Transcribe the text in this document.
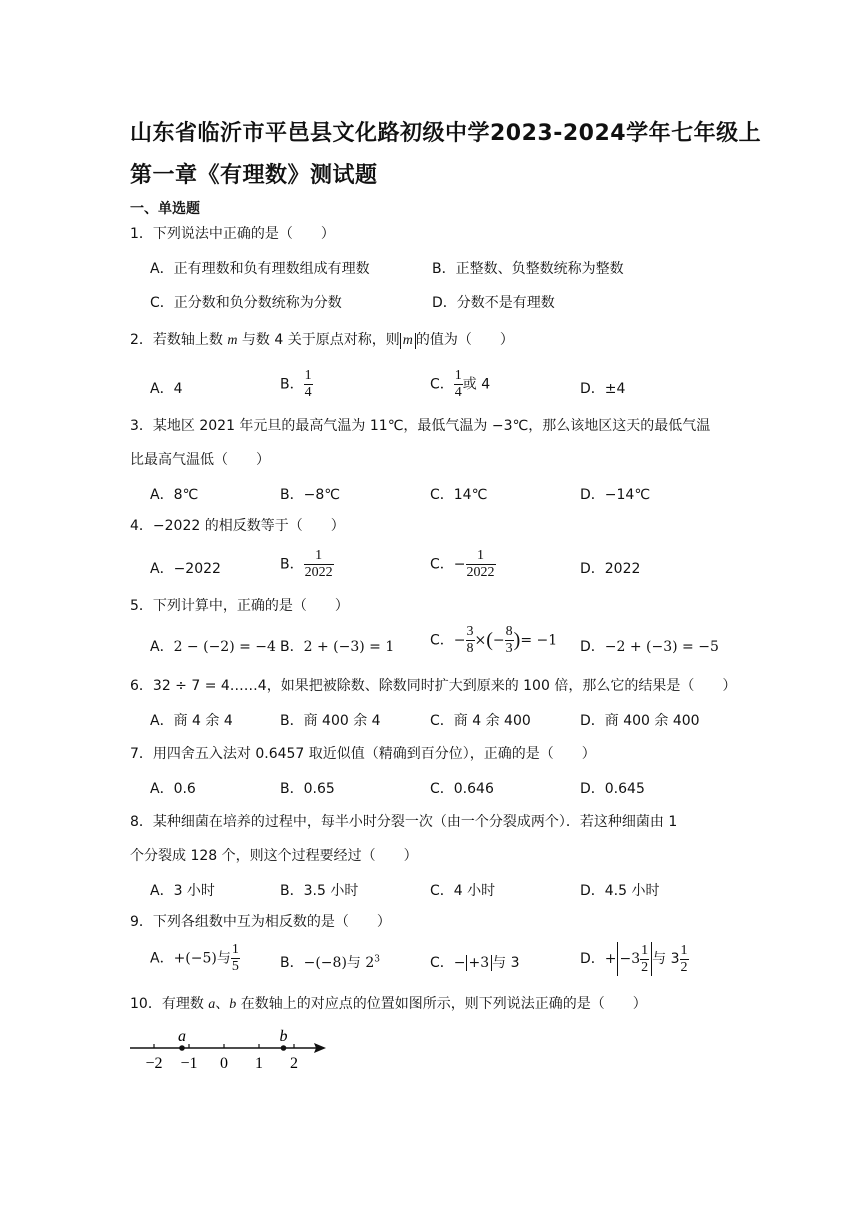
山东省临沂市平邑县文化路初级中学2023-2024学年七年级上
第一章《有理数》测试题
一、单选题
1．下列说法中正确的是（　　）
A．正有理数和负有理数组成有理数	B．正整数、负整数统称为整数
C．正分数和负分数统称为分数	D．分数不是有理数
2．若数轴上数 m 与数 4 关于原点对称，则 m 的值为（　　）
A．4	B． $\frac{1}{4}$	C． $\frac{1}{4}$ 或 4	D．±4
3．某地区 2021 年元旦的最高气温为 11℃，最低气温为 −3℃，那么该地区这天的最低气温
比最高气温低（　　）
A．8℃	B．−8℃	C．14℃	D．−14℃
4．−2022 的相反数等于（　　）
A．−2022	B． $\frac{1}{2022}$	C．− $\frac{1}{2022}$	D．2022
5．下列计算中，正确的是（　　）
A．2 − (−2) = −4 B．2 + (−3) = 1	C．− $\frac{3}{8}$ ×(− $\frac{8}{3}$ )= −1 D．−2 + (−3) = −5
6．32 ÷ 7 = 4……4，如果把被除数、除数同时扩大到原来的 100 倍，那么它的结果是（　　）
A．商 4 余 4	B．商 400 余 4	C．商 4 余 400	D．商 400 余 400
7．用四舍五入法对 0.6457 取近似值（精确到百分位），正确的是（　　）
A．0.6	B．0.65	C．0.646	D．0.645
8．某种细菌在培养的过程中，每半小时分裂一次（由一个分裂成两个）．若这种细菌由 1
个分裂成 128 个，则这个过程要经过（　　）
A．3 小时	B．3.5 小时	C．4 小时	D．4.5 小时
9．下列各组数中互为相反数的是（　　）
A．+(−5)与 $\frac{1}{5}$	B．−(−8)与 $2^3$	C．− +3 与 3	D．+ $-3 \frac{1}{2}$ 与 $3 \frac{1}{2}$
10．有理数 a、b 在数轴上的对应点的位置如图所示，则下列说法正确的是（　　）
−2 −1 0 1 2
a	b
